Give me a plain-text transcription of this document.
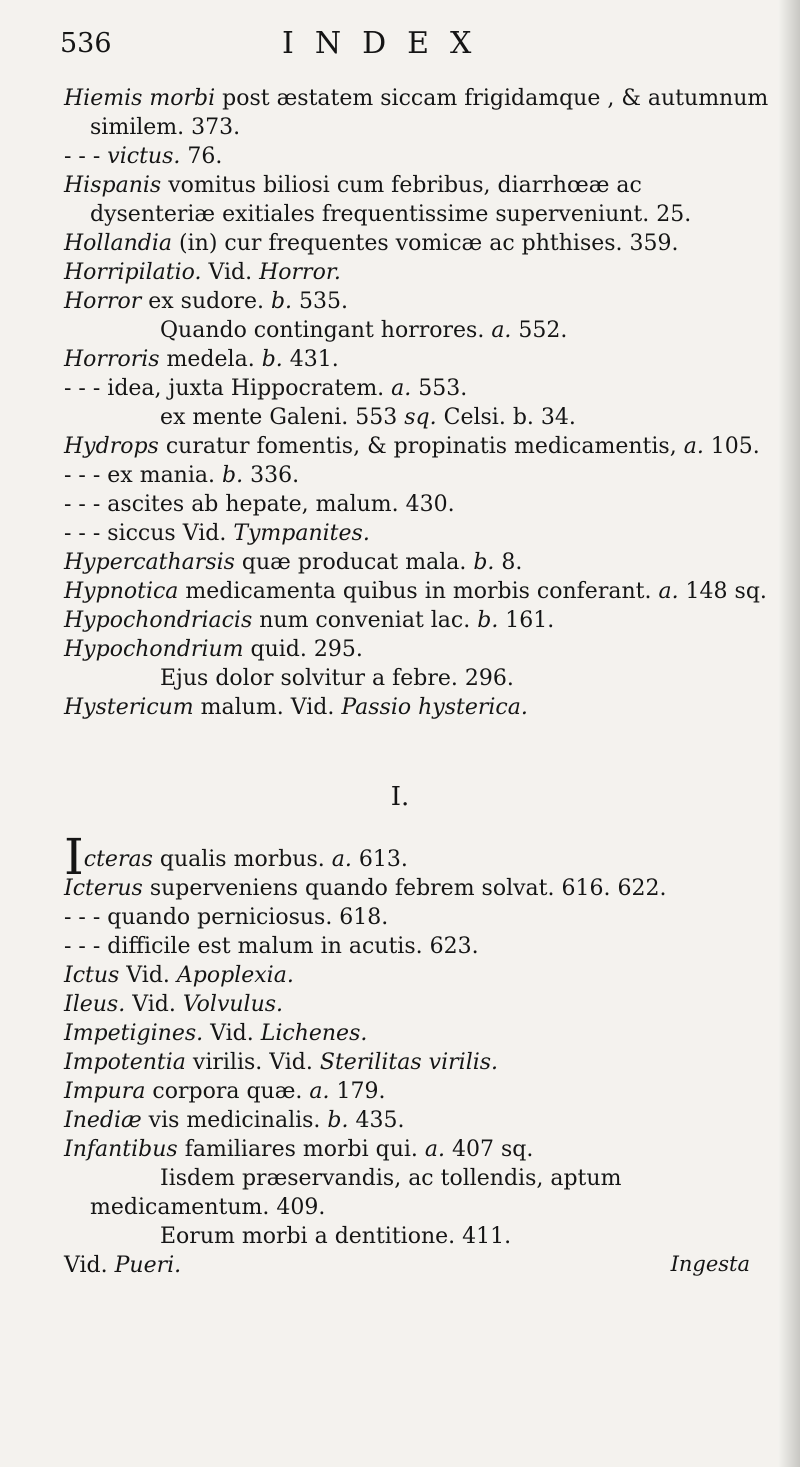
536	INDEX

Hiemis morbi post æstatem siccam frigidamque , & autumnum similem. 373.

- - - victus. 76.

Hispanis vomitus biliosi cum febribus, diarrhœæ ac dysenteriæ exitiales frequentissime superveniunt. 25.

Hollandia (in) cur frequentes vomicæ ac phthises. 359.

Horripilatio. Vid. Horror.

Horror ex sudore. b. 535.

Quando contingant horrores. a. 552.

Horroris medela. b. 431.

- - - idea, juxta Hippocratem. a. 553.

ex mente Galeni. 553 sq. Celsi. b. 34.

Hydrops curatur fomentis, & propinatis medicamentis, a. 105.

- - - ex mania. b. 336.

- - - ascites ab hepate, malum. 430.

- - - siccus Vid. Tympanites.

Hypercatharsis quæ producat mala. b. 8.

Hypnotica medicamenta quibus in morbis conferant. a. 148 sq.

Hypochondriacis num conveniat lac. b. 161.

Hypochondrium quid. 295.

Ejus dolor solvitur a febre. 296.

Hystericum malum. Vid. Passio hysterica.

I.

Icteras qualis morbus. a. 613.

Icterus superveniens quando febrem solvat. 616. 622.

- - - quando perniciosus. 618.

- - - difficile est malum in acutis. 623.

Ictus Vid. Apoplexia.

Ileus. Vid. Volvulus.

Impetigines. Vid. Lichenes.

Impotentia virilis. Vid. Sterilitas virilis.

Impura corpora quæ. a. 179.

Inediæ vis medicinalis. b. 435.

Infantibus familiares morbi qui. a. 407 sq.

Iisdem præservandis, ac tollendis, aptum medicamentum. 409.

Eorum morbi a dentitione. 411.

Vid. Pueri.	Ingesta
